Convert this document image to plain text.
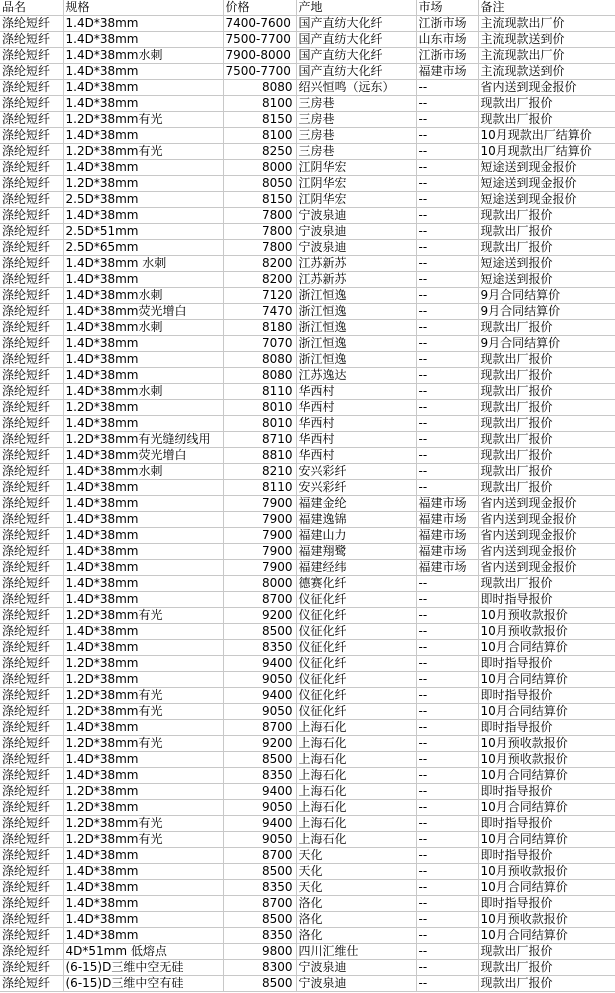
品名	规格	价格	产地	市场	备注
涤纶短纤	1.4D*38mm	7400-7600	国产直纺大化纤	江浙市场	主流现款出厂价
涤纶短纤	1.4D*38mm	7500-7700	国产直纺大化纤	山东市场	主流现款送到价
涤纶短纤	1.4D*38mm水刺	7900-8000	国产直纺大化纤	江浙市场	主流现款出厂价
涤纶短纤	1.4D*38mm	7500-7700	国产直纺大化纤	福建市场	主流现款送到价
涤纶短纤	1.4D*38mm	8080	绍兴恒鸣（远东）	--	省内送到现金报价
涤纶短纤	1.4D*38mm	8100	三房巷	--	现款出厂报价
涤纶短纤	1.2D*38mm有光	8150	三房巷	--	现款出厂报价
涤纶短纤	1.4D*38mm	8100	三房巷	--	10月现款出厂结算价
涤纶短纤	1.2D*38mm有光	8250	三房巷	--	10月现款出厂结算价
涤纶短纤	1.4D*38mm	8000	江阴华宏	--	短途送到现金报价
涤纶短纤	1.2D*38mm	8050	江阴华宏	--	短途送到现金报价
涤纶短纤	2.5D*38mm	8150	江阴华宏	--	短途送到现金报价
涤纶短纤	1.4D*38mm	7800	宁波泉迪	--	现款出厂报价
涤纶短纤	2.5D*51mm	7800	宁波泉迪	--	现款出厂报价
涤纶短纤	2.5D*65mm	7800	宁波泉迪	--	现款出厂报价
涤纶短纤	1.4D*38mm 水刺	8200	江苏新苏	--	短途送到报价
涤纶短纤	1.4D*38mm	8200	江苏新苏	--	短途送到报价
涤纶短纤	1.4D*38mm水刺	7120	浙江恒逸	--	9月合同结算价
涤纶短纤	1.4D*38mm荧光增白	7470	浙江恒逸	--	9月合同结算价
涤纶短纤	1.4D*38mm水刺	8180	浙江恒逸	--	现款出厂报价
涤纶短纤	1.4D*38mm	7070	浙江恒逸	--	9月合同结算价
涤纶短纤	1.4D*38mm	8080	浙江恒逸	--	现款出厂报价
涤纶短纤	1.4D*38mm	8080	江苏逸达	--	现款出厂报价
涤纶短纤	1.4D*38mm水刺	8110	华西村	--	现款出厂报价
涤纶短纤	1.2D*38mm	8010	华西村	--	现款出厂报价
涤纶短纤	1.4D*38mm	8010	华西村	--	现款出厂报价
涤纶短纤	1.2D*38mm有光缝纫线用	8710	华西村	--	现款出厂报价
涤纶短纤	1.4D*38mm荧光增白	8810	华西村	--	现款出厂报价
涤纶短纤	1.4D*38mm水刺	8210	安兴彩纤	--	现款出厂报价
涤纶短纤	1.4D*38mm	8110	安兴彩纤	--	现款出厂报价
涤纶短纤	1.4D*38mm	7900	福建金纶	福建市场	省内送到现金报价
涤纶短纤	1.4D*38mm	7900	福建逸锦	福建市场	省内送到现金报价
涤纶短纤	1.4D*38mm	7900	福建山力	福建市场	省内送到现金报价
涤纶短纤	1.4D*38mm	7900	福建翔鹭	福建市场	省内送到现金报价
涤纶短纤	1.4D*38mm	7900	福建经纬	福建市场	省内送到现金报价
涤纶短纤	1.4D*38mm	8000	德赛化纤	--	现款出厂报价
涤纶短纤	1.4D*38mm	8700	仪征化纤	--	即时指导报价
涤纶短纤	1.2D*38mm有光	9200	仪征化纤	--	10月预收款报价
涤纶短纤	1.4D*38mm	8500	仪征化纤	--	10月预收款报价
涤纶短纤	1.4D*38mm	8350	仪征化纤	--	10月合同结算价
涤纶短纤	1.2D*38mm	9400	仪征化纤	--	即时指导报价
涤纶短纤	1.2D*38mm	9050	仪征化纤	--	10月合同结算价
涤纶短纤	1.2D*38mm有光	9400	仪征化纤	--	即时指导报价
涤纶短纤	1.2D*38mm有光	9050	仪征化纤	--	10月合同结算价
涤纶短纤	1.4D*38mm	8700	上海石化	--	即时指导报价
涤纶短纤	1.2D*38mm有光	9200	上海石化	--	10月预收款报价
涤纶短纤	1.4D*38mm	8500	上海石化	--	10月预收款报价
涤纶短纤	1.4D*38mm	8350	上海石化	--	10月合同结算价
涤纶短纤	1.2D*38mm	9400	上海石化	--	即时指导报价
涤纶短纤	1.2D*38mm	9050	上海石化	--	10月合同结算价
涤纶短纤	1.2D*38mm有光	9400	上海石化	--	即时指导报价
涤纶短纤	1.2D*38mm有光	9050	上海石化	--	10月合同结算价
涤纶短纤	1.4D*38mm	8700	天化	--	即时指导报价
涤纶短纤	1.4D*38mm	8500	天化	--	10月预收款报价
涤纶短纤	1.4D*38mm	8350	天化	--	10月合同结算价
涤纶短纤	1.4D*38mm	8700	洛化	--	即时指导报价
涤纶短纤	1.4D*38mm	8500	洛化	--	10月预收款报价
涤纶短纤	1.4D*38mm	8350	洛化	--	10月合同结算价
涤纶短纤	4D*51mm 低熔点	9800	四川汇维仕	--	现款出厂报价
涤纶短纤	(6-15)D三维中空无硅	8300	宁波泉迪	--	现款出厂报价
涤纶短纤	(6-15)D三维中空有硅	8500	宁波泉迪	--	现款出厂报价
